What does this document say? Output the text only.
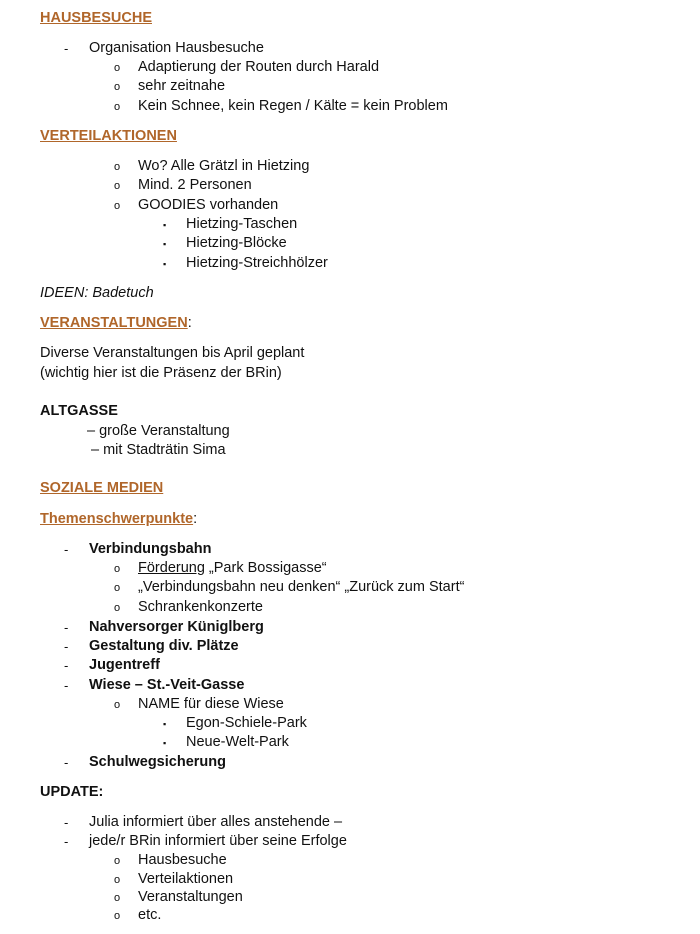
HAUSBESUCHE
- Organisation Hausbesuche
o Adaptierung der Routen durch Harald
o sehr zeitnahe
o Kein Schnee, kein Regen / Kälte = kein Problem
VERTEILAKTIONEN
o Wo? Alle Grätzl in Hietzing
o Mind. 2 Personen
o GOODIES vorhanden
▪ Hietzing-Taschen
▪ Hietzing-Blöcke
▪ Hietzing-Streichhölzer
IDEEN: Badetuch
VERANSTALTUNGEN:
Diverse Veranstaltungen bis April geplant
(wichtig hier ist die Präsenz der BRin)
ALTGASSE
– große Veranstaltung
– mit Stadträtin Sima
SOZIALE MEDIEN
Themenschwerpunkte:
- Verbindungsbahn
o Förderung „Park Bossigasse“
o „Verbindungsbahn neu denken“ „Zurück zum Start“
o Schrankenkonzerte
- Nahversorger Küniglberg
- Gestaltung div. Plätze
- Jugentreff
- Wiese – St.-Veit-Gasse
o NAME für diese Wiese
▪ Egon-Schiele-Park
▪ Neue-Welt-Park
- Schulwegsicherung
UPDATE:
- Julia informiert über alles anstehende –
- jede/r BRin informiert über seine Erfolge
o Hausbesuche
o Verteilaktionen
o Veranstaltungen
o etc.
